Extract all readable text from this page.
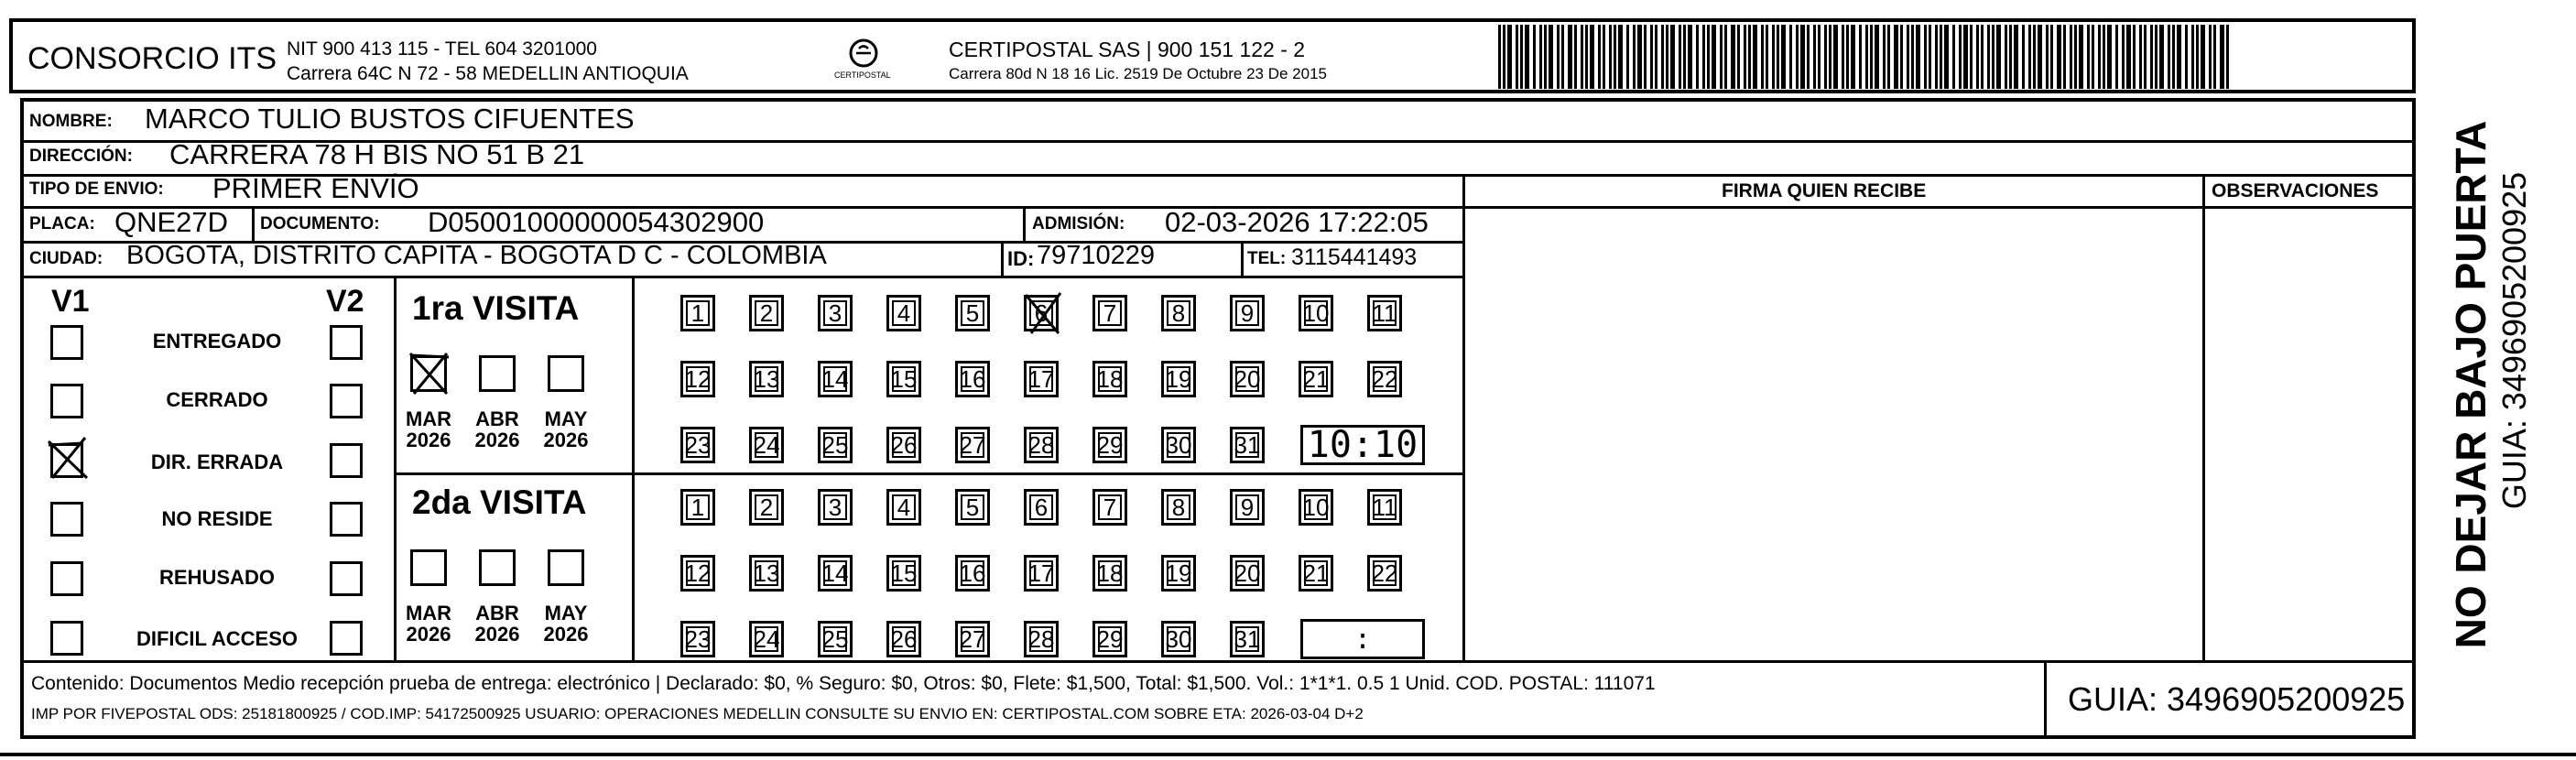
CONSORCIO ITS NIT 900 413 115 - TEL 604 3201000
Carrera 64C N 72 - 58 MEDELLIN ANTIOQUIA	CERTIPOSTAL
CERTIPOSTAL SAS | 900 151 122 - 2
Carrera 80d N 18 16 Lic. 2519 De Octubre 23 De 2015
NOMBRE: MARCO TULIO BUSTOS CIFUENTES
DIRECCIÓN: CARRERA 78 H BIS NO 51 B 21
TIPO DE ENVIO: PRIMER ENVÍO	FIRMA QUIEN RECIBE	OBSERVACIONES
PLACA: QNE27D DOCUMENTO: D05001000000054302900	ADMISIÓN: 02-03-2026 17:22:05
CIUDAD: BOGOTA, DISTRITO CAPITA - BOGOTA D C - COLOMBIA	ID: 79710229	TEL: 3115441493
V1	V2
ENTREGADO
CERRADO
DIR. ERRADA
NO RESIDE
REHUSADO
DIFICIL ACCESO
1ra VISITA
2da VISITA
MAR
2026
ABR
2026
MAY
2026
1	2	3	4	5	6	7	8	9	10 11
12 13 14 15 16 17 18 19 20 21 22
23 24 25 26 27 28 29 30 31 10:10
MAR
2026
ABR
2026
MAY
2026
1	2	3	4	5	6	7	8	9	10 11
12 13 14 15 16 17 18 19 20 21 22
23 24 25 26 27 28 29 30 31	:
Contenido: Documentos Medio recepción prueba de entrega: electrónico | Declarado: $0, % Seguro: $0, Otros: $0, Flete: $1,500, Total: $1,500. Vol.: 1*1*1. 0.5 1 Unid. COD. POSTAL: 111071
IMP POR FIVEPOSTAL ODS: 25181800925 / COD.IMP: 54172500925 USUARIO: OPERACIONES MEDELLIN CONSULTE SU ENVIO EN: CERTIPOSTAL.COM SOBRE ETA: 2026-03-04 D+2	GUIA: 3496905200925
NO DEJAR BAJO PUERTA GUIA: 3496905200925
